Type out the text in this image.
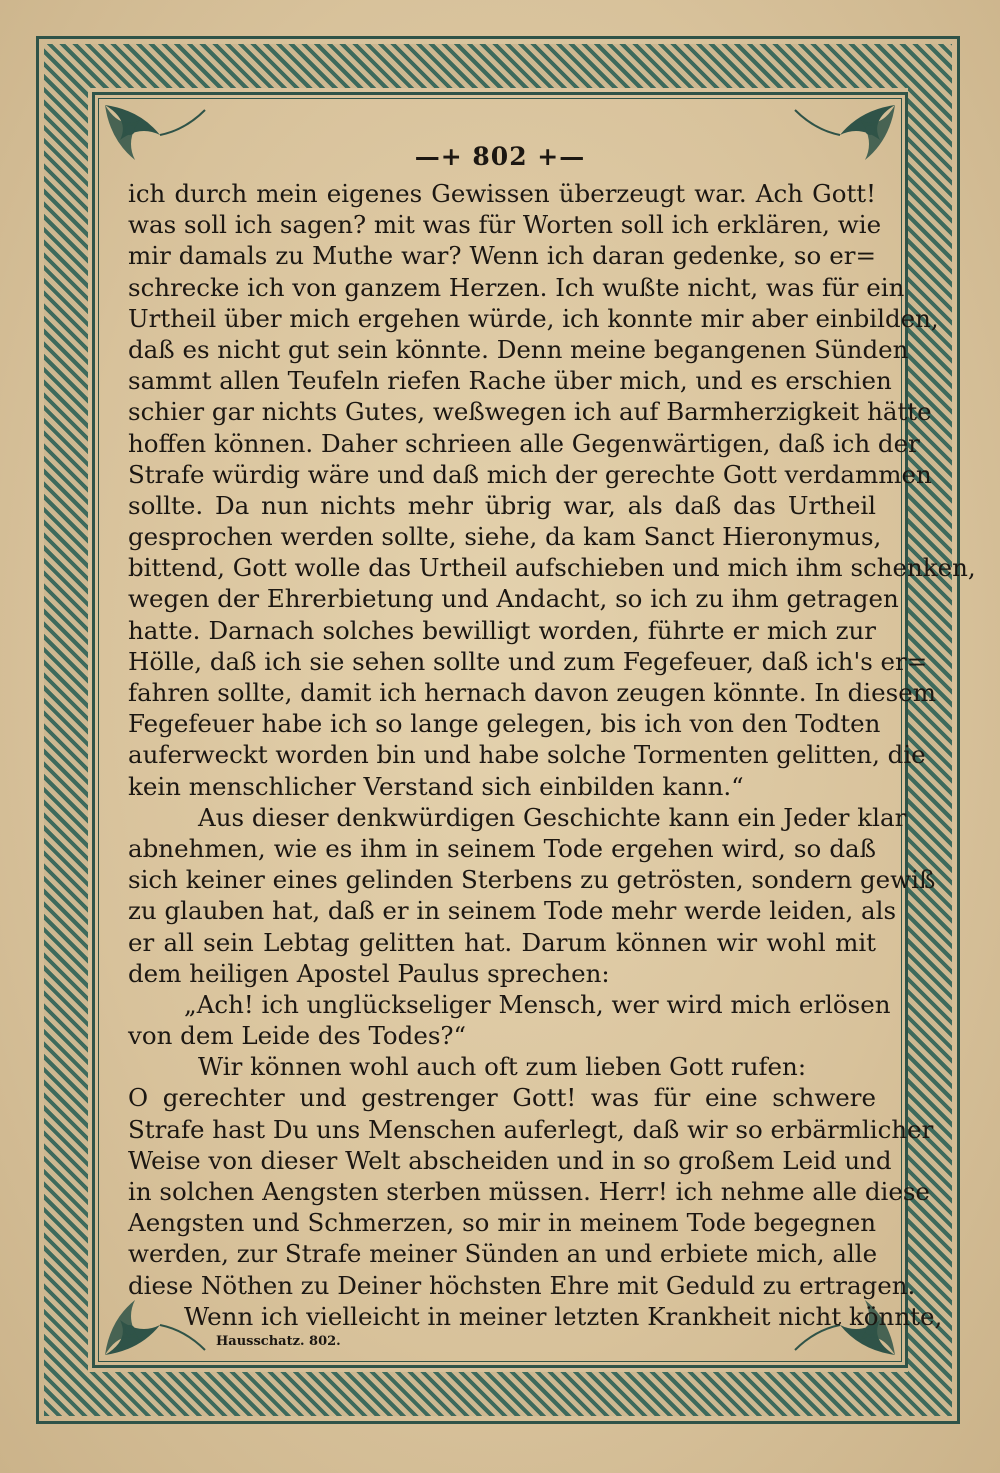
—+ 802 +—
ich durch mein eigenes Gewissen überzeugt war. Ach Gott!
was soll ich sagen? mit was für Worten soll ich erklären, wie
mir damals zu Muthe war? Wenn ich daran gedenke, so er=
schrecke ich von ganzem Herzen. Ich wußte nicht, was für ein
Urtheil über mich ergehen würde, ich konnte mir aber einbilden,
daß es nicht gut sein könnte. Denn meine begangenen Sünden
sammt allen Teufeln riefen Rache über mich, und es erschien
schier gar nichts Gutes, weßwegen ich auf Barmherzigkeit hätte
hoffen können. Daher schrieen alle Gegenwärtigen, daß ich der
Strafe würdig wäre und daß mich der gerechte Gott verdammen
sollte. Da nun nichts mehr übrig war, als daß das Urtheil
gesprochen werden sollte, siehe, da kam Sanct Hieronymus,
bittend, Gott wolle das Urtheil aufschieben und mich ihm schenken,
wegen der Ehrerbietung und Andacht, so ich zu ihm getragen
hatte. Darnach solches bewilligt worden, führte er mich zur
Hölle, daß ich sie sehen sollte und zum Fegefeuer, daß ich's er=
fahren sollte, damit ich hernach davon zeugen könnte. In diesem
Fegefeuer habe ich so lange gelegen, bis ich von den Todten
auferweckt worden bin und habe solche Tormenten gelitten, die
kein menschlicher Verstand sich einbilden kann.“
Aus dieser denkwürdigen Geschichte kann ein Jeder klar
abnehmen, wie es ihm in seinem Tode ergehen wird, so daß
sich keiner eines gelinden Sterbens zu getrösten, sondern gewiß
zu glauben hat, daß er in seinem Tode mehr werde leiden, als
er all sein Lebtag gelitten hat. Darum können wir wohl mit
dem heiligen Apostel Paulus sprechen:
„Ach! ich unglückseliger Mensch, wer wird mich erlösen
von dem Leide des Todes?“
Wir können wohl auch oft zum lieben Gott rufen:
O gerechter und gestrenger Gott! was für eine schwere
Strafe hast Du uns Menschen auferlegt, daß wir so erbärmlicher
Weise von dieser Welt abscheiden und in so großem Leid und
in solchen Aengsten sterben müssen. Herr! ich nehme alle diese
Aengsten und Schmerzen, so mir in meinem Tode begegnen
werden, zur Strafe meiner Sünden an und erbiete mich, alle
diese Nöthen zu Deiner höchsten Ehre mit Geduld zu ertragen.
Wenn ich vielleicht in meiner letzten Krankheit nicht könnte,
Hausschatz. 802.
